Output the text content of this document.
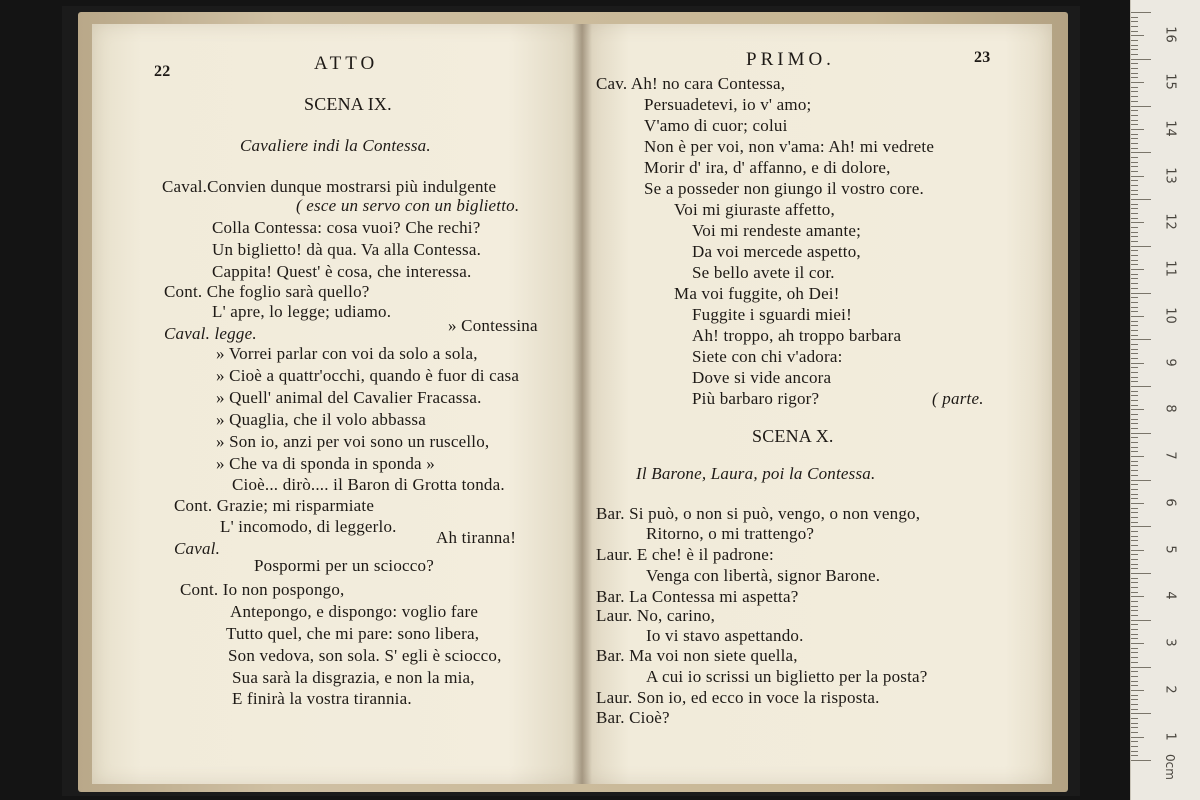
22	ATTO
SCENA IX.
Cavaliere indi la Contessa.
Caval.Convien dunque mostrarsi più indulgente
( esce un servo con un biglietto.
Colla Contessa: cosa vuoi? Che rechi?
Un biglietto! dà qua. Va alla Contessa.
Cappita! Quest' è cosa, che interessa.
Cont. Che foglio sarà quello?
L' apre, lo legge; udiamo.
» Contessina
Caval. legge.
» Vorrei parlar con voi da solo a sola,
» Cioè a quattr'occhi, quando è fuor di casa
» Quell' animal del Cavalier Fracassa.
» Quaglia, che il volo abbassa
» Son io, anzi per voi sono un ruscello,
» Che va di sponda in sponda »
Cioè... dirò.... il Baron di Grotta tonda.
Cont. Grazie; mi risparmiate
L' incomodo, di leggerlo.
Ah tiranna!
Caval.
Pospormi per un sciocco?
Cont. Io non pospongo,
Antepongo, e dispongo: voglio fare
Tutto quel, che mi pare: sono libera,
Son vedova, son sola. S' egli è sciocco,
Sua sarà la disgrazia, e non la mia,
E finirà la vostra tirannia.
PRIMO.	23
Cav. Ah! no cara Contessa,
Persuadetevi, io v' amo;
V'amo di cuor; colui
Non è per voi, non v'ama: Ah! mi vedrete
Morir d' ira, d' affanno, e di dolore,
Se a posseder non giungo il vostro core.
Voi mi giuraste affetto,
Voi mi rendeste amante;
Da voi mercede aspetto,
Se bello avete il cor.
Ma voi fuggite, oh Dei!
Fuggite i sguardi miei!
Ah! troppo, ah troppo barbara
Siete con chi v'adora:
Dove si vide ancora
Più barbaro rigor?	( parte.
SCENA X.
Il Barone, Laura, poi la Contessa.
Bar. Si può, o non si può, vengo, o non vengo,
Ritorno, o mi trattengo?
Laur. E che! è il padrone:
Venga con libertà, signor Barone.
Bar. La Contessa mi aspetta?
Laur. No, carino,
Io vi stavo aspettando.
Bar. Ma voi non siete quella,
A cui io scrissi un biglietto per la posta?
Laur. Son io, ed ecco in voce la risposta.
Bar. Cioè?
16
15
14
13
12
11
10
9
8
7
6
5
4
3
2
1
0cm
